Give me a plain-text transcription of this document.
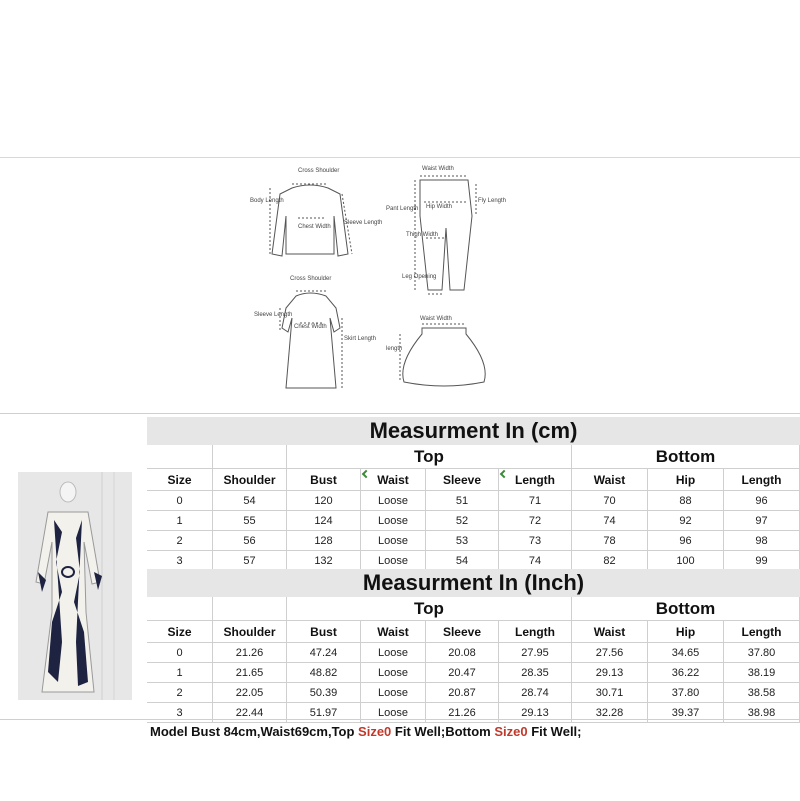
Cross Shoulder
Body Length
Chest Width
Sleeve Length
Waist Width
Pant Length Hip Width
Fly Length
Thigh Width
Leg Opening
Cross Shoulder
Sleeve Length
Chest Width
Skirt Length
Waist Width
length
Measurment In (cm)
Top	Bottom
Size	Shoulder	Bust	Waist	Sleeve	Length	Waist	Hip	Length
0	54	120	Loose	51	71	70	88	96
1	55	124	Loose	52	72	74	92	97
2	56	128	Loose	53	73	78	96	98
3	57	132	Loose	54	74	82	100	99
Measurment In (Inch)
Top	Bottom
Size	Shoulder	Bust	Waist	Sleeve	Length	Waist	Hip	Length
0	21.26	47.24	Loose	20.08	27.95	27.56	34.65	37.80
1	21.65	48.82	Loose	20.47	28.35	29.13	36.22	38.19
2	22.05	50.39	Loose	20.87	28.74	30.71	37.80	38.58
3	22.44	51.97	Loose	21.26	29.13	32.28	39.37	38.98
Model Bust 84cm,Waist69cm,Top Size0 Fit Well;Bottom Size0 Fit Well;
